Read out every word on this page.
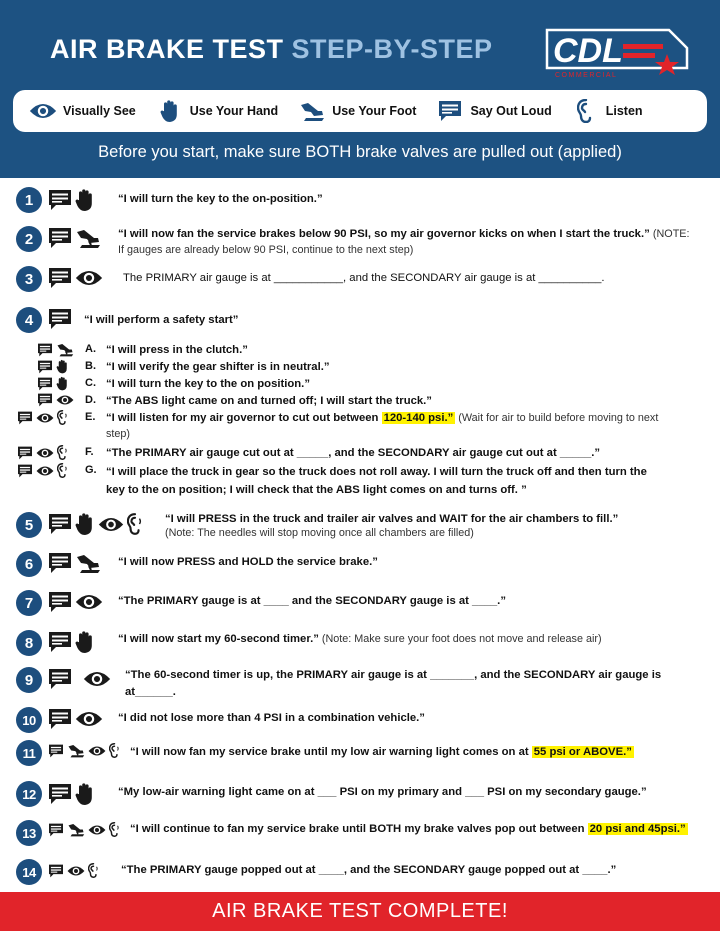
AIR BRAKE TEST STEP-BY-STEP CDL
COMMERCIAL
Visually See	Use Your Hand	Use Your Foot	Say Out Loud	Listen
Before you start, make sure BOTH brake valves are pulled out (applied)
1	“I will turn the key to the on-position.”
2	“I will now fan the service brakes below 90 PSI, so my air governor kicks on when I start the truck.” (NOTE: If gauges are already below 90 PSI, continue to the next step)
3	The PRIMARY air gauge is at ___________, and the SECONDARY air gauge is at __________.
4	“I will perform a safety start”
A. “I will press in the clutch.”
B. “I will verify the gear shifter is in neutral.”
C. “I will turn the key to the on position.”
D. “The ABS light came on and turned off; I will start the truck.”
E. “I will listen for my air governor to cut out between 120-140 psi.” (Wait for air to build before moving to next step)
F. “The PRIMARY air gauge cut out at _____, and the SECONDARY air gauge cut out at _____.”
G. “I will place the truck in gear so the truck does not roll away. I will turn the truck off and then turn the key to the on position; I will check that the ABS light comes on and turns off. ”
5	“I will PRESS in the truck and trailer air valves and WAIT for the air chambers to fill.”
(Note: The needles will stop moving once all chambers are filled)
6	“I will now PRESS and HOLD the service brake.”
7	“The PRIMARY gauge is at ____ and the SECONDARY gauge is at ____.”
8	“I will now start my 60-second timer.” (Note: Make sure your foot does not move and release air)
9	“The 60-second timer is up, the PRIMARY air gauge is at _______, and the SECONDARY air gauge is at______.
10	“I did not lose more than 4 PSI in a combination vehicle.”
11	“I will now fan my service brake until my low air warning light comes on at 55 psi or ABOVE.”
12	“My low-air warning light came on at ___ PSI on my primary and ___ PSI on my secondary gauge.”
13	“I will continue to fan my service brake until BOTH my brake valves pop out between 20 psi and 45psi.”
14	“The PRIMARY gauge popped out at ____, and the SECONDARY gauge popped out at ____.”
AIR BRAKE TEST COMPLETE!
